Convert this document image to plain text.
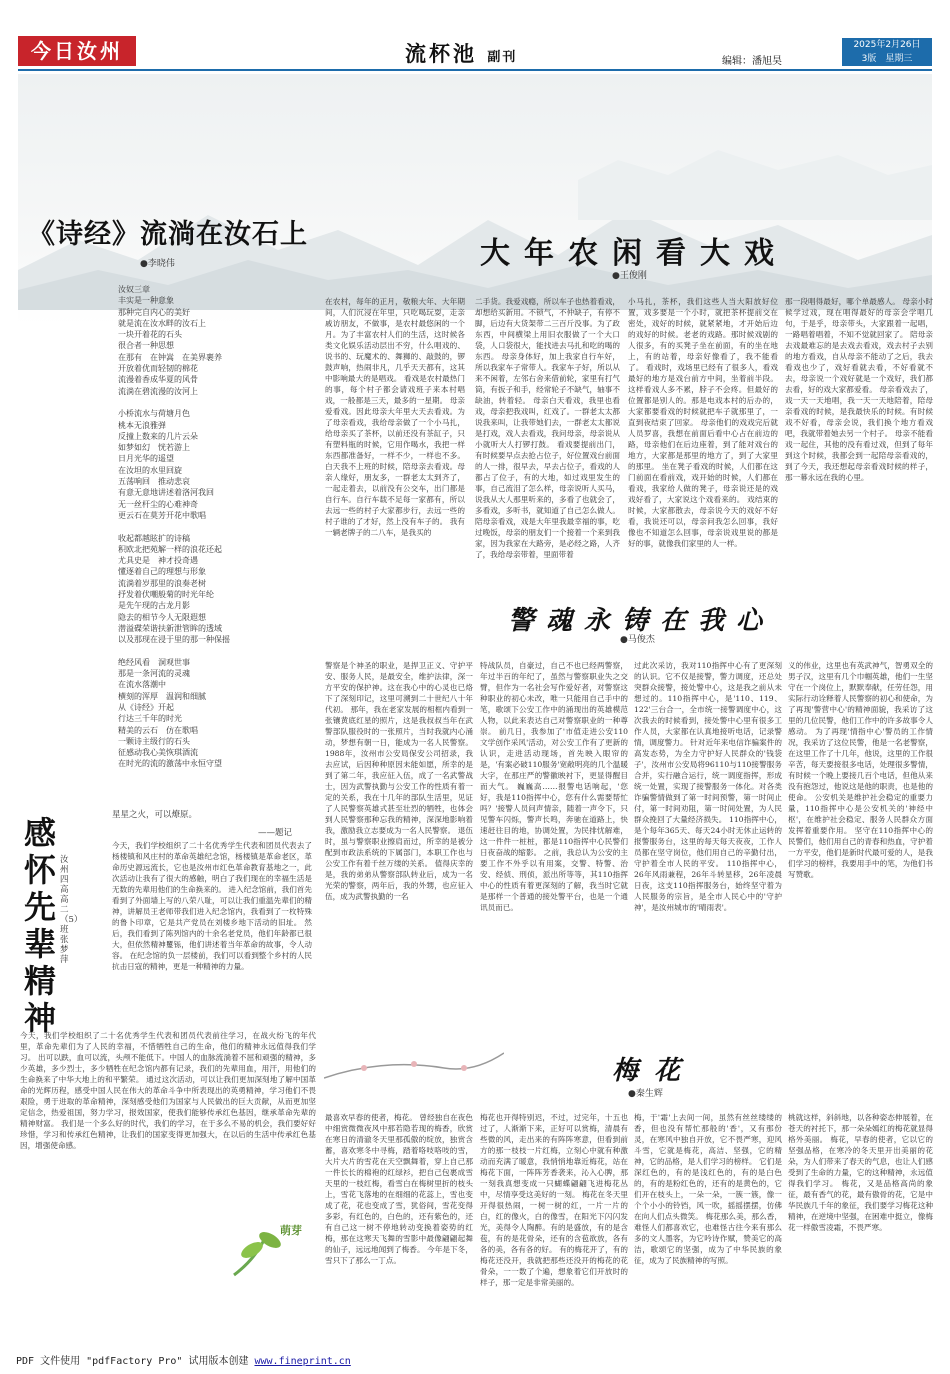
今日汝州	流杯池 副刊	编辑：潘旭昊
2025年2月26日
3版　星期三
《诗经》流淌在汝石上
●李晓伟
汝奴三章
丰实是一种意象
那种完自内心的美好
就是流在汝水畔的汝石上
一块开着花的石头
很合者一种思想
在那有　在钟嵩　在美界裹养
开放着优而轻韧的棉花
流漫着香成华夏的风骨
流淌在碧流漫的汝河上

小桥流水与荷塘月色
桃本无浪雅弹
反撞上数来的几片云朵
如梦如幻　恍若游上
日月光华的遥望
在汝坦的水里回旋
五荡响回　推动悲哀
有意无意地讲述着洛河我回
无一丝杆尘的心难神奇
更云石在莫芳开花中歌唱

收起都越眩扩的诗稿
积欧北把苑解一样的浪花还起
尤具史是　神才投奇遇
懂逐着自己的理想与形象
流淌着岁那里的浪奏老树
抒发着伏嘲般菊的时光年纶
是先午现的古龙月影
隐去的相节今人无限遐想
潜溢碟荣谐扶新泄管眸的透域
以及那现在浸于里的那一种保摇

绝经风看　洞观世事
那是一条河流的灵魂
在流水落潮中
横刻的浑厚　温润和细腻
从《诗经》开起
行达三千年的时光
精美的云石　仿在歌唱
一颗诗主级行的石头
征感动我心美恢琪酒流
在时光的流的激荡中永恒守望
在农村，每年的正月，敬粮大年、大年期间，人们沉浸在年里，只吃喝玩耍，走亲戚访朋友，不做事，是农村最悠闲的一个月。为了丰富农村人们的生活，这时候各类文化娱乐活动层出不穷，什么唱戏的、说书的、玩魔术的、舞狮的、敲鼓的，锣鼓声响，热闹非凡，几乎天天都有，这其中影响最大的是唱戏。 看戏是农村最热门的事，每个村子都会请戏班子来本村唱戏，一般都是三天，最多的一星期。 母亲爱看戏。因此母亲大年里大天去看戏。为了母亲看戏，我给母亲做了一个小马扎，给母亲买了茶杯，以前还没有茶缸子，只有塑料瓶的时候，它用作喝水，我把一样东西都准备好，一样不少，一样也不多。 白天我不上班的时候，陪母亲去看戏。母亲人缘好，朋友多，一群老太太到齐了，一起走着去，以前没有公交车，出门都是自行车。自行车载不足每一家都有，所以去远一些的村子大家都步行，去远一些的村子谁的了才好，然上没有车子的。 我有一辆老牌子的二八车，是我买的
大年农闲看大戏
●王俊刚
二手货。我爱戏瘾，所以车子也热着看戏，却想给买新用。不锁气，不仲缺子，有停不脚，后边有大货架带二三百斤没事。为了政东西，中间横梁上用旧衣服做了一个大口袋，人口袋很大，能找进去马扎和吃的喝的东西。 母亲身体好，加上我家自行车好，所以我家车子常带人。我家车子好，所以从来不闲着，左邻右舍来借前轮，家里有打气筒，有扳子和手，经常轮子不缺气，轴事不缺油，转着轻。 母亲白天看戏，我里也看戏，母亲把我戏叫，红戏了。一群老太太都说我来叫，让我带她们去，一群老太太都说是打戏，戏人去看戏，我问母亲，母亲说从小就听大人打锣打鼓。 看戏要提前出门，有时候要早点去抢占位子，好位置戏台前面的人一排，很早去，早去占位子，看戏的人都占了位子，有的大地，如过戏里发生的事，自己流泪了怎么样，母亲说听人买马，说我从大人那里听来的，多看了也就会了，多看戏，多听书，就知道了自己怎么做人。 陪母亲看戏，戏是大年里我最幸福的事，吃过晚饭，母亲的朋友们一个接着一个来到我家，因为我家在大路旁，是必经之路，人齐了，我给母亲带着，里面带着
小马扎，茶杯，我们这些人当大阳放好位置，戏多要是一个小时，就把茶杯提前交在密处，戏好的时候，就紧紧地，才开始后边的戏好的时候。老老的戏路。那时候戏剧的人很多，有的买凳子坐在前面，有的坐在地上，有的站着，母亲好像看了，我不能看了。 看戏时，戏场里已经有了很多人，看戏最好的地方是戏台前方中间，坐着前半段。这样看戏人多不累，脖子不会疼。但最好的位置都是别人的。那是电戏本村的后办的，大家都要看戏的时候就把车子就那里了，一直到夜结束了回家。 母亲他们的戏戏完后就人员罗喜，我想在前面后看中心占在前边的路，母亲他们在后边座着，到了能对戏台的地方，大家都是那里的地方了，到了大家里的那里。 坐在凳子看戏的时候，人们都在这门前面在看前戏，戏开始的时候，人们都在看戏，我家给人做的凳子，母亲说还是的戏戏好看了，大家说这个戏看来的。 戏结束的时候，大家都散去，母亲说今天的戏好不好看，我说还可以，母亲问我怎么回事，我好像也不知道怎么回事，母亲说戏里说的都是好的事，就像我们家里的人一样。
那一段唱得最好，哪个单最感人。 母亲小时候学过戏，现在唱得最好的母亲会学唱几句，于是乎，母亲带头，大家跟着一起唱，一路唱着唱着，不知不觉就回家了。 陪母亲去戏最难忘的是去戏去看戏，戏去村子去别的地方看戏，自从母亲不能动了之后，我去看戏也少了，戏好看就去看，不好看就不去，母亲说一个戏好就是一个戏好，我们都去看，好的戏大家都爱看。 母亲看戏去了，戏一天一天地唱，我一天一天地陪着，陪母亲看戏的时候，是我最快乐的时候。有时候戏不好看，母亲会说，我们换个地方看戏吧，我就带着她去另一个村子。 母亲不能看戏一起住，其他的没有看过戏，但到了每年到这个时候，我都会到一起陪母亲看戏的，到了今天，我还想起母亲看戏时候的样子，那一幕永远在我的心里。
警魂永铸在我心
●马俊杰
警察是个神圣的职业，是捍卫正义、守护平安、服务人民，是最安全，维护法律，深一方平安的保护神。这在我心中的心灵也已烙下了深刻印记，这里可溯到二十世纪八十年代初。 那年，我在老家发展的相框内看到一张镶黄底红星的照片，这是我叔叔当年在武警部队服役时的一张照片，当时我就内心涌动，梦想有朝一日，能成为一名人民警察。 1988年，汝州市公安局保安公司招录，我去应试，后因种种原因未能如愿，所幸的是到了第二年，我应征入伍，成了一名武警战士，因为武警执勤与公安工作的性质有着一定的关系，我在十几年的部队生活里，见证了人民警察英雄式甚至壮烈的牺牲，也体会到人民警察那种忘我的精神，深深地影响着我，激励我立志要成为一名人民警察。 退伍时，虽与警察职业擦肩而过，所幸的是被分配到市政法系统的下属部门，本职工作也与公安工作有着千丝万缕的关系。 值得庆幸的是，我的弟弟从警察部队转业后，成为一名光荣的警察，两年后，我的外甥，也应征入伍，成为武警执勤的一名
特战队员，自豪过，自己不也已经两警察，年过半百的年纪了，虽然与警察职业失之交臂，但作为一名社会写作爱好者，对警察这种职业的初心未改，唯一只能用自己手中的笔，歌颂下公安工作中的涌现出的英雄模范人物，以此来表达自己对警察职业的一种尊崇。 前几日，我参加了'市值走进公安110文学创作采风'活动，对公安工作有了更新的认识，走进活动现场，首先映入眼帘的是，'有案必破110服务'宽敞明亮的几个温暖大字，在那庄严的警徽映衬下，更显得醒目而大气。 巍巍高……报警电话响起，'您好，我是110指挥中心，您有什么需要帮忙吗？'接警人员问声情亲，随着一声令下，只见警车闪烁，警声长鸣，奔驰在道路上，快速赶往目的地，协调处置，为民排忧解难，这一件件一桩桩，都是110指挥中心民警们日夜奋战的缩影。 之前，我总认为公安的主要工作不外乎以有用案，交警、特警、治安、经侦、刑侦，派出所等等，其110指挥中心的性质有着更深刻的了解，我当时它就是那样一个普通的接处警平台，也是一个通讯员而已。
过此次采访，我对110指挥中心有了更深刻的认识。它不仅是接警，警力调度，还总处突群众接警，接处警中心，这是我之前从未想过的。110指挥中心，是'110、119、122'三台合一，全市统一接警调度中心，这次我去的时候看到，接处警中心里有很多工作人员，大家都在认真地接听电话，记录警情，调度警力。 针对近年来电信诈骗案件的高发态势，为全力守护好人民群众的'钱袋子'，汝州市公安局将96110与110接警服务合并，实行融合运行，统一调度指挥，形成统一处置，实现了接警服务一体化。对各类诈骗警情做到了第一时间预警，第一时间止付，第一时间劝阻，第一时间处置，为人民群众挽回了大量经济损失。 110指挥中心，是个每年365天、每天24小时无休止运转的报警服务台，这里的每天每天夜夜，工作人员都在坚守岗位，他们用自己的辛勤付出，守护着全市人民的平安。 110指挥中心，26年风雨兼程，26年斗转星移，26年凌晨日夜，这支110指挥服务台，始终坚守着为人民服务的宗旨，是全市人民心中的'守护神'，是汝州城市的'晴雨表'。
义的伟业，这里也有英武神气，智勇双全的男子汉，这里有几个巾帼英雄，他们一生坚守在一个岗位上，默默奉献，任劳任怨，用实际行动诠释着人民警察的初心和使命，为了再现'警营中心'的精神面貌，我采访了这里的几位民警，他们工作中的许多故事令人感动。 为了再现'情指中心'警员的工作情况，我采访了这位民警，他是一名老警察，在这里工作了十几年，他说，这里的工作很辛苦，每天要接很多电话，处理很多警情，有时候一个晚上要接几百个电话，但他从来没有抱怨过，他说这是他的职责，也是他的使命。 公安机关是维护社会稳定的重要力量，110指挥中心是公安机关的'神经中枢'，在维护社会稳定、服务人民群众方面发挥着重要作用。 坚守在110指挥中心的民警们，他们用自己的青春和热血，守护着一方平安，他们是新时代最可爱的人，是我们学习的榜样，我要用手中的笔，为他们书写赞歌。
感怀先辈精神
汝州四高高二（5）班　张梦萍
星星之火，可以燎原。
——题记
今天，我们学校组织了二十名优秀学生代表和团员代表去了杨楼镇和风庄村的革命英雄纪念馆，杨楼镇是革命老区，革命历史源远流长，它也是汝州市红色革命教育基地之一，此次活动让我有了很大的感触，明白了我们现在的幸福生活是无数的先辈用他们的生命换来的。 进入纪念馆前，我们首先看到了外面墙上写的八荣八耻，可以让我们重温先辈们的精神，讲解员王老师带我们进入纪念馆内，我看到了一枚特殊的鲁卜印章，它是共产党员在刘楼乡地下活动的旧址。 然后，我们看到了陈列馆内的十余名老党员，他们年龄都已很大，但依然精神矍铄，他们讲述着当年革命的故事，令人动容。 在纪念馆的负一层楼前，我们可以看到整个乡村的人民抗击日寇的精神，更是一种精神的力量。
今天，我们学校组织了二十名优秀学生代表和团员代表前往学习，在战火纷飞的年代里，革命先辈们为了人民的幸福，不惜牺牲自己的生命，他们的精神永远值得我们学习。 出可以跌，血可以流，头颅不能低下。中国人的血脉流淌着不屈和顽强的精神，多少英雄，多少烈士，多少牺牲在纪念馆内都有记录，我们的先辈用血，用汗，用他们的生命换来了中华大地上的和平繁荣。 通过这次活动，可以让我们更加深刻地了解中国革命的光辉历程，感受中国人民在伟大的革命斗争中所表现出的英勇精神，学习他们不畏艰险，勇于进取的革命精神，深刻感受他们为国家与人民做出的巨大贡献，从而更加坚定信念，热爱祖国，努力学习，报效国家，使我们能够传承红色基因，继承革命先辈的精神财富。 我们是一个多么好的时代，我们的学习，在于多么不易的机会，我们要好好珍惜，学习和传承红色精神，让我们的国家变得更加强大，在以后的生活中传承红色基因，增强使命感。
萌芽
梅花
●秦生辉
最喜欢早春的使者，梅花。 曾经独自在夜色中细赏微微夜风中那若隐若现的梅香，欣赏在寒日的清澈冬天里那孤傲的绽放，独赏含蓄，喜欢寒冬中寻梅，踏着咯吱咯吱的雪，大片大片的雪花在天空飘舞着，穿上自己那一件长长的棉袍的红绿衫，把自己包裹成雪天里的一枝红梅，看雪白在梅树里折的枝头上，雪花飞落地的在细细的花蕊上，雪也变成了花，花也变成了雪，犹俗间，雪花变得多彩，有红色的，白色的，还有紫色的，还有自己这一树不停地转动变换着姿势的红梅，那在这寒天飞舞的雪影中最像翩翩起舞的仙子，远远地闻到了梅香。 今年是下冬，雪只下了那么一丁点。
梅花也开得特别迟，不过，过完年，十五也过了，人渐渐下来，正好可以赏梅，清晨有些微的风，走出来的有阵阵寒意，但看到前方的那一枝枝一片红梅，立刻心中就有种激动而充满了暖意，我悄悄地靠近梅花，站在梅花下面，一阵阵芳香袭来，沁入心脾，那一刻我真想变成一只蝴蝶翩翩飞进梅花丛中，尽情享受这美好的一刻。 梅花在冬天里开得很热闹，一树一树的红，一片一片的白，红的像火，白的像雪，在阳光下闪闪发光，美得令人陶醉。有的是盛放，有的是含苞，有的是花骨朵，还有的含苞欲放，各有各的美，各有各的好。 有的梅花开了，有的梅花还没开，我就把那些还没开的梅花的花骨朵，一一数了个遍，想象着它们开放时的样子，那一定是非常美丽的。
梅，于'霜'上去间一间，虽然有丝丝缕缕的香，但也没有帮忙那般的'香'，又有那份灵，在寒风中独自开放，它不畏严寒，迎风斗雪，它就是梅花，高洁、坚强，它的精神，它的品格，是人们学习的榜样。 它们是深红色的，有的是浅红色的，有的是白色的，有的是粉红色的，还有的是黄色的，它们开在枝头上，一朵一朵，一簇一簇，像一个个小小的铃铛，风一吹，摇摇摆摆，仿佛在向人们点头微笑。 梅花那么美，那么香，难怪人们都喜欢它，也难怪古往今来有那么多的文人墨客，为它吟诗作赋，赞美它的高洁，歌颂它的坚强，成为了中华民族的象征，成为了民族精神的写照。
桃就这样，斜斜地，以各种姿态伸展着，在苍天的衬托下，那一朵朵嫣红的梅花就显得格外美丽。 梅花，早春的使者，它以它的坚强品格，在寒冷的冬天里开出美丽的花朵，为人们带来了春天的气息，也让人们感受到了生命的力量，它的这种精神，永远值得我们学习。 梅花，又是品格高尚的象征，最有香气的花，最有傲骨的花，它是中华民族几千年的象征，我们要学习梅花这种精神，在逆境中坚强，在困难中挺立，像梅花一样傲雪凌霜，不畏严寒。
PDF 文件使用 "pdfFactory Pro" 试用版本创建 www.fineprint.cn
